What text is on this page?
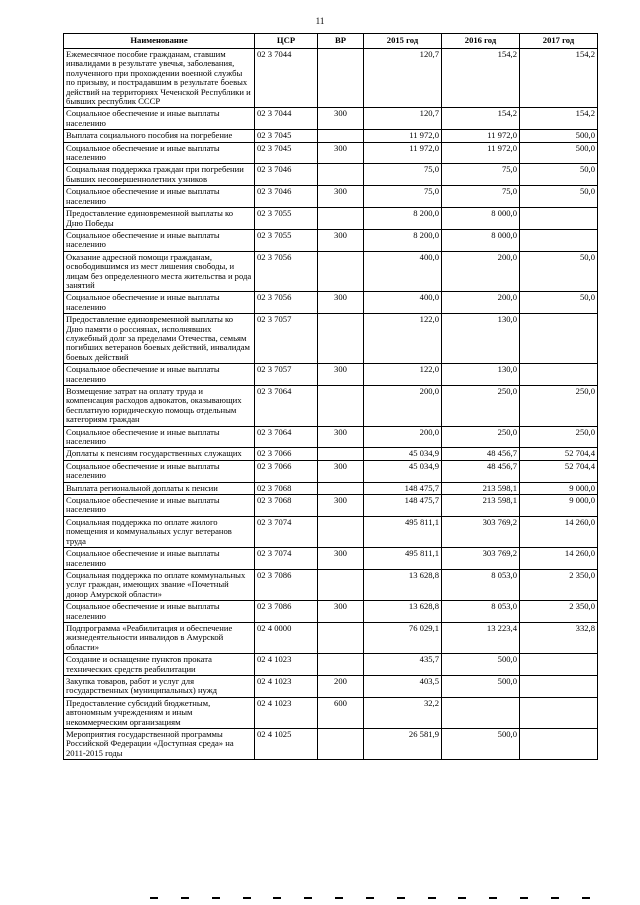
11
Наименование	ЦСР	ВР	2015 год	2016 год	2017 год
Ежемесячное пособие гражданам, ставшим инвалидами в результате увечья, заболевания, полученного при прохождении военной службы по призыву, и пострадавшим в результате боевых действий на территориях Чеченской Республики и бывших республик СССР	02 3 7044		120,7	154,2	154,2
Социальное обеспечение и иные выплаты населению	02 3 7044	300	120,7	154,2	154,2
Выплата социального пособия на погребение	02 3 7045		11 972,0	11 972,0	500,0
Социальное обеспечение и иные выплаты населению	02 3 7045	300	11 972,0	11 972,0	500,0
Социальная поддержка граждан при погребении бывших несовершеннолетних узников	02 3 7046		75,0	75,0	50,0
Социальное обеспечение и иные выплаты населению	02 3 7046	300	75,0	75,0	50,0
Предоставление единовременной выплаты ко Дню Победы	02 3 7055		8 200,0	8 000,0	
Социальное обеспечение и иные выплаты населению	02 3 7055	300	8 200,0	8 000,0	
Оказание адресной помощи гражданам, освободившимся из мест лишения свободы, и лицам без определенного места жительства и рода занятий	02 3 7056		400,0	200,0	50,0
Социальное обеспечение и иные выплаты населению	02 3 7056	300	400,0	200,0	50,0
Предоставление единовременной выплаты ко Дню памяти о россиянах, исполнявших служебный долг за пределами Отечества, семьям погибших ветеранов боевых действий, инвалидам боевых действий	02 3 7057		122,0	130,0	
Социальное обеспечение и иные выплаты населению	02 3 7057	300	122,0	130,0	
Возмещение затрат на оплату труда и компенсация расходов адвокатов, оказывающих бесплатную юридическую помощь отдельным категориям граждан	02 3 7064		200,0	250,0	250,0
Социальное обеспечение и иные выплаты населению	02 3 7064	300	200,0	250,0	250,0
Доплаты к пенсиям государственных служащих	02 3 7066		45 034,9	48 456,7	52 704,4
Социальное обеспечение и иные выплаты населению	02 3 7066	300	45 034,9	48 456,7	52 704,4
Выплата региональной доплаты к пенсии	02 3 7068		148 475,7	213 598,1	9 000,0
Социальное обеспечение и иные выплаты населению	02 3 7068	300	148 475,7	213 598,1	9 000,0
Социальная поддержка по оплате жилого помещения и коммунальных услуг ветеранов труда	02 3 7074		495 811,1	303 769,2	14 260,0
Социальное обеспечение и иные выплаты населению	02 3 7074	300	495 811,1	303 769,2	14 260,0
Социальная поддержка по оплате коммунальных услуг граждан, имеющих звание «Почетный донор Амурской области»	02 3 7086		13 628,8	8 053,0	2 350,0
Социальное обеспечение и иные выплаты населению	02 3 7086	300	13 628,8	8 053,0	2 350,0
Подпрограмма «Реабилитация и обеспечение жизнедеятельности инвалидов в Амурской области»	02 4 0000		76 029,1	13 223,4	332,8
Создание и оснащение пунктов проката технических средств реабилитации	02 4 1023		435,7	500,0	
Закупка товаров, работ и услуг для государственных (муниципальных) нужд	02 4 1023	200	403,5	500,0	
Предоставление субсидий бюджетным, автономным учреждениям и иным некоммерческим организациям	02 4 1023	600	32,2		
Мероприятия государственной программы Российской Федерации «Доступная среда» на 2011-2015 годы	02 4 1025		26 581,9	500,0	
